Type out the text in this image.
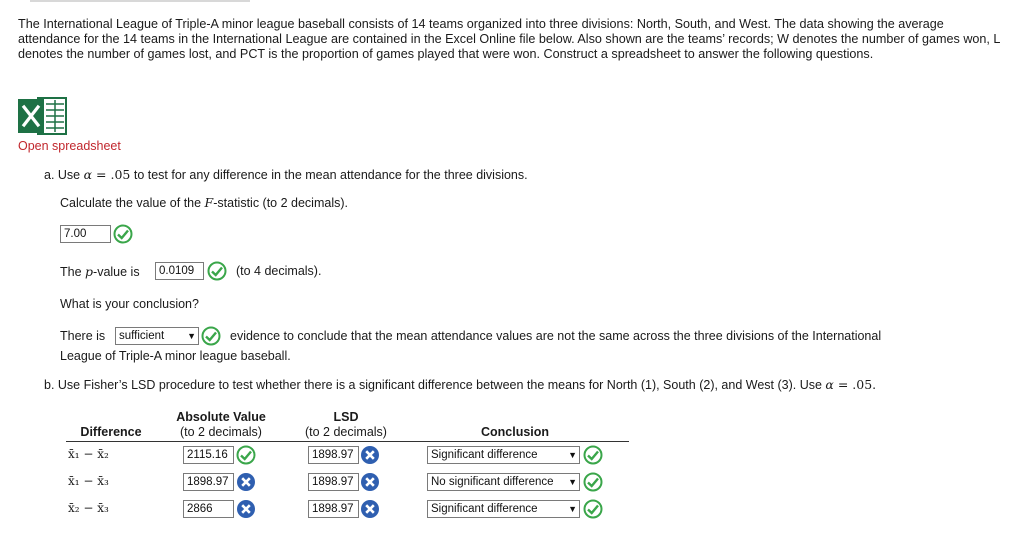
The International League of Triple-A minor league baseball consists of 14 teams organized into three divisions: North, South, and West. The data showing the average attendance for the 14 teams in the International League are contained in the Excel Online file below. Also shown are the teams’ records; W denotes the number of games won, L denotes the number of games lost, and PCT is the proportion of games played that were won. Construct a spreadsheet to answer the following questions.
Open spreadsheet
a. Use α = .05 to test for any difference in the mean attendance for the three divisions.
Calculate the value of the F-statistic (to 2 decimals).
7.00
The p-value is	0.0109	(to 4 decimals).
What is your conclusion?
There is	sufficient	▼	evidence to conclude that the mean attendance values are not the same across the three divisions of the International
League of Triple-A minor league baseball.
b. Use Fisher’s LSD procedure to test whether there is a significant difference between the means for North (1), South (2), and West (3). Use α = .05.
Difference
Absolute Value
(to 2 decimals)
LSD
(to 2 decimals)	Conclusion
x̄₁ − x̄₂	2115.16	1898.97	Significant difference	▼
x̄₁ − x̄₃	1898.97	1898.97	No significant difference ▼
x̄₂ − x̄₃	2866	1898.97	Significant difference	▼
